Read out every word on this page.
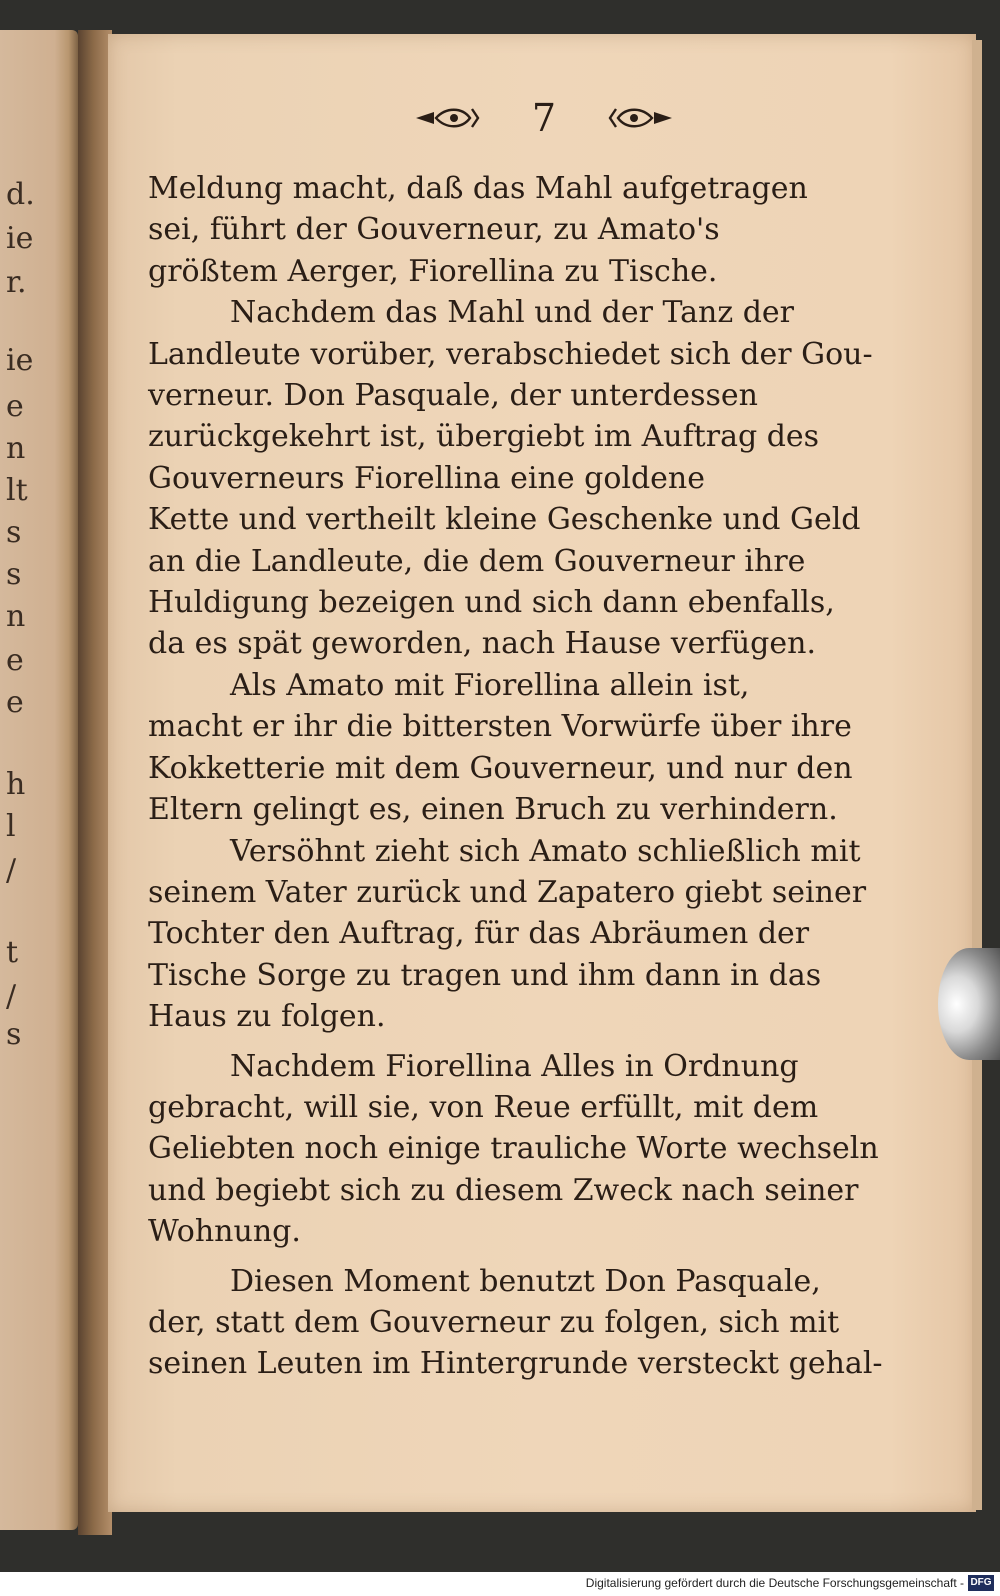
d.
ie
r.
ie
e
n
lt
s
s
n
e
e
h
l
/
t
/
s
7

Meldung macht, daß das Mahl aufgetragen
sei, führt der Gouverneur, zu Amato's
größtem Aerger, Fiorellina zu Tische.

Nachdem das Mahl und der Tanz der
Landleute vorüber, verabschiedet sich der Gou-
verneur. Don Pasquale, der unterdessen
zurückgekehrt ist, übergiebt im Auftrag des
Gouverneurs Fiorellina eine goldene
Kette und vertheilt kleine Geschenke und Geld
an die Landleute, die dem Gouverneur ihre
Huldigung bezeigen und sich dann ebenfalls,
da es spät geworden, nach Hause verfügen.

Als Amato mit Fiorellina allein ist,
macht er ihr die bittersten Vorwürfe über ihre
Kokketterie mit dem Gouverneur, und nur den
Eltern gelingt es, einen Bruch zu verhindern.

Versöhnt zieht sich Amato schließlich mit
seinem Vater zurück und Zapatero giebt seiner
Tochter den Auftrag, für das Abräumen der
Tische Sorge zu tragen und ihm dann in das
Haus zu folgen.

Nachdem Fiorellina Alles in Ordnung
gebracht, will sie, von Reue erfüllt, mit dem
Geliebten noch einige trauliche Worte wechseln
und begiebt sich zu diesem Zweck nach seiner
Wohnung.

Diesen Moment benutzt Don Pasquale,
der, statt dem Gouverneur zu folgen, sich mit
seinen Leuten im Hintergrunde versteckt gehal-

Digitalisierung gefördert durch die Deutsche Forschungsgemeinschaft - DFG
